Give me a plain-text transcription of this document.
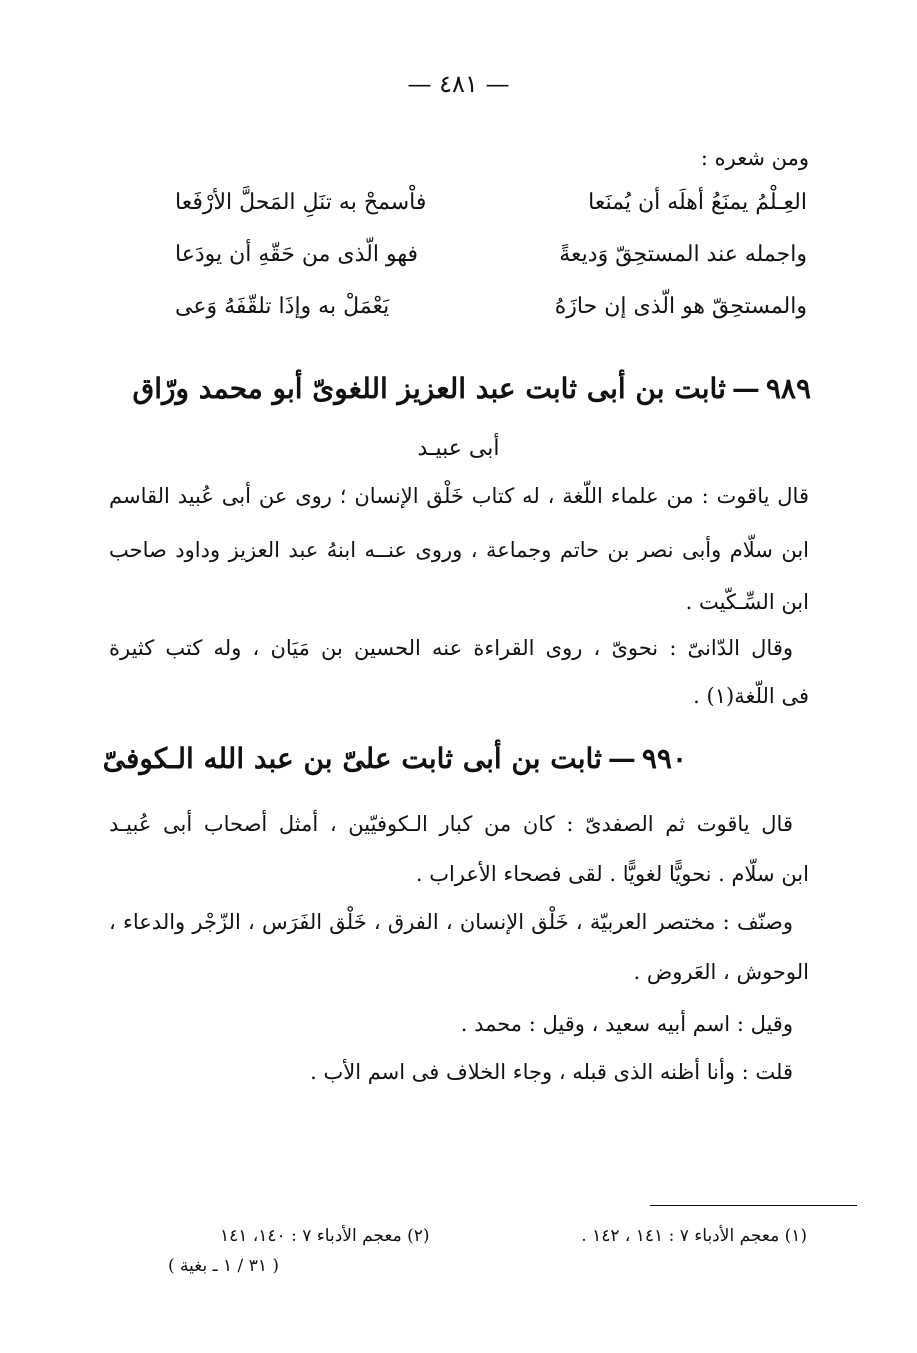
— ٤٨١ —
ومن شعره :
العِـلْمُ يمنَعُ أهلَه أن يُمنَعا
فاْسمحْ به تنَلِ المَحلَّ الأرْفَعا
واجمله عند المستحِقّ وَديعةً
فهو الّذى من حَقّهِ أن يودَعا
والمستحِقّ هو الّذى إن حازَهُ
يَعْمَلْ به وإذَا تلقّفَهُ وَعى
٩٨٩—ثابت بن أبى ثابت عبد العزيز اللغوىّ أبو محمد ورّاق
أبى عبيـد
قال ياقوت : من علماء اللّغة ، له كتاب خَلْق الإنسان ؛ روى عن أبى عُبيد القاسم
ابن سلّام وأبى نصر بن حاتم وجماعة ، وروى عنــه ابنهُ عبد العزيز وداود صاحب
ابن السِّـكّيت .
وقال الدّانىّ : نحوىّ ، روى القراءة عنه الحسين بن مَيَان ، وله كتب كثيرة
فى اللّغة(١) .
٩٩٠—ثابت بن أبى ثابت علىّ بن عبد الله الـكوفىّ
قال ياقوت ثم الصفدىّ : كان من كبار الـكوفيّين ، أمثل أصحاب أبى عُبيـد
ابن سلّام . نحويًّا لغويًّا . لقى فصحاء الأعراب .
وصنّف : مختصر العربيّة ، خَلْق الإنسان ، الفرق ، خَلْق الفَرَس ، الزّجْر والدعاء ،
الوحوش ، العَروض .
وقيل : اسم أبيه سعيد ، وقيل : محمد .
قلت : وأنا أظنه الذى قبله ، وجاء الخلاف فى اسم الأب .
(١) معجم الأدباء ٧ : ١٤١ ، ١٤٢ .
(٢) معجم الأدباء ٧ : ١٤٠، ١٤١
( ٣١ / ١ ـ بغية )
